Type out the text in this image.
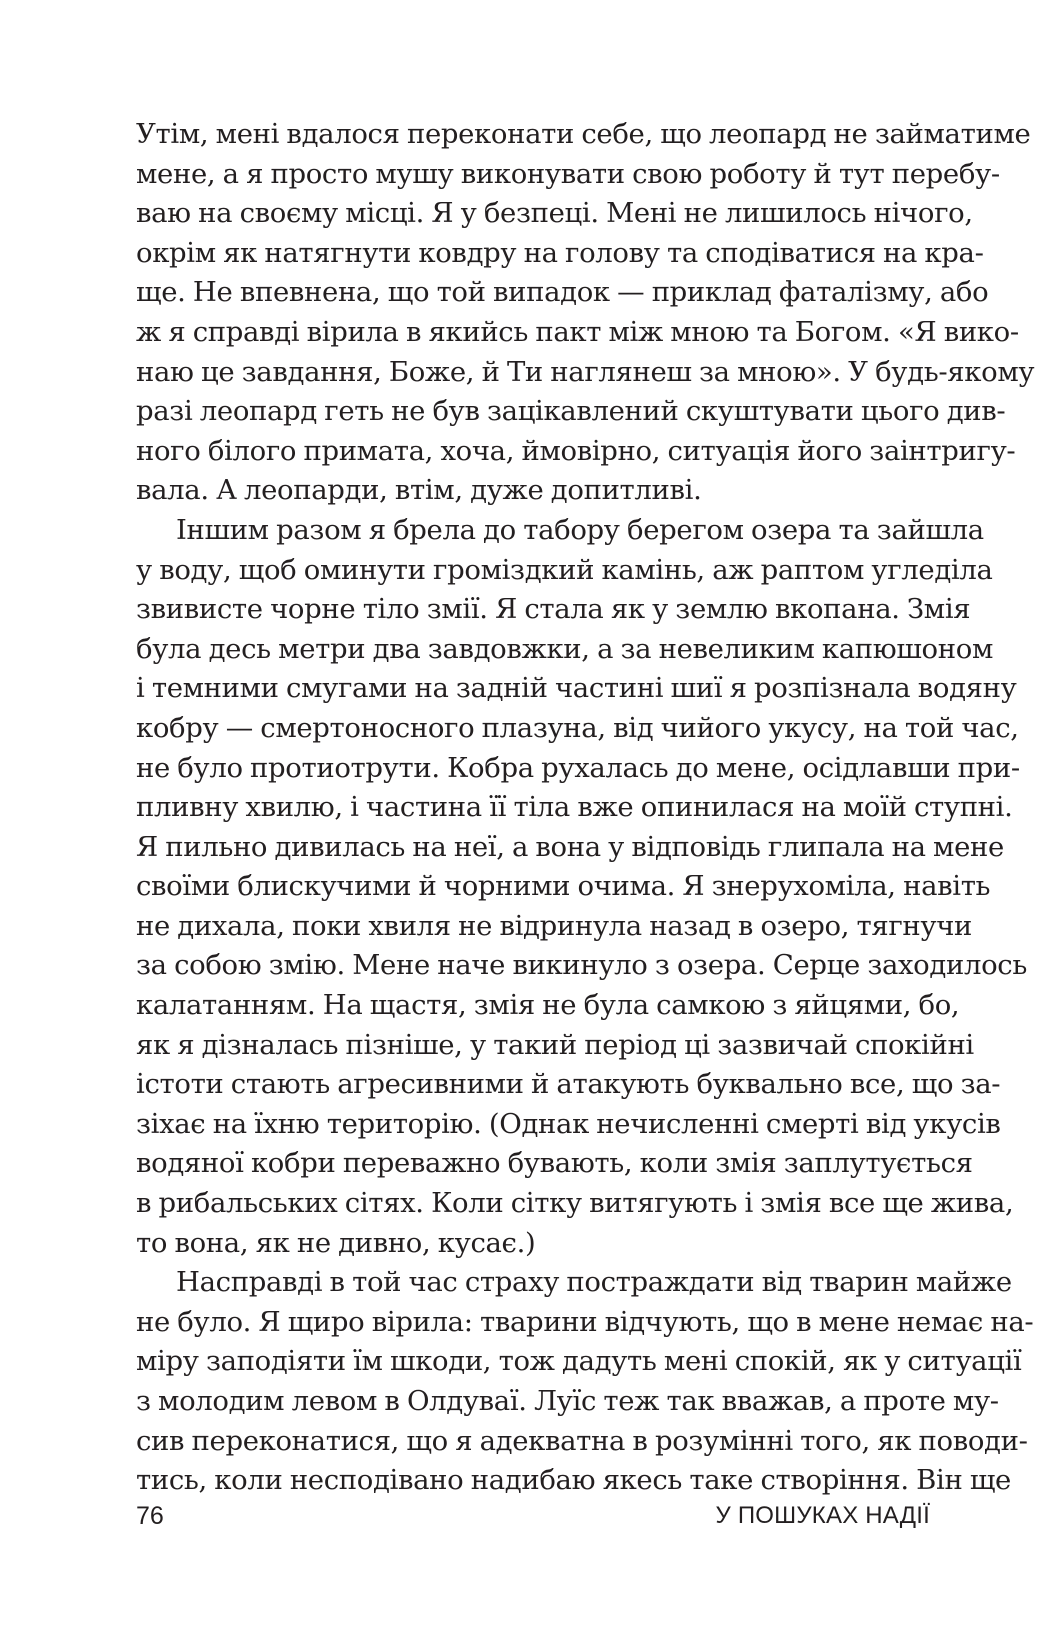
Утім, мені вдалося переконати себе, що леопард не займатиме
мене, а я просто мушу виконувати свою роботу й тут перебу-
ваю на своєму місці. Я у безпеці. Мені не лишилось нічого,
окрім як натягнути ковдру на голову та сподіватися на кра-
ще. Не впевнена, що той випадок — приклад фаталізму, або
ж я справді вірила в якийсь пакт між мною та Богом. «Я вико-
наю це завдання, Боже, й Ти наглянеш за мною». У будь-якому
разі леопард геть не був зацікавлений скуштувати цього див-
ного білого примата, хоча, ймовірно, ситуація його заінтригу-
вала. А леопарди, втім, дуже допитливі.
Іншим разом я брела до табору берегом озера та зайшла
у воду, щоб оминути громіздкий камінь, аж раптом угледіла
звивисте чорне тіло змії. Я стала як у землю вкопана. Змія
була десь метри два завдовжки, а за невеликим капюшоном
і темними смугами на задній частині шиї я розпізнала водяну
кобру — смертоносного плазуна, від чийого укусу, на той час,
не було протиотрути. Кобра рухалась до мене, осідлавши при-
пливну хвилю, і частина її тіла вже опинилася на моїй ступні.
Я пильно дивилась на неї, а вона у відповідь глипала на мене
своїми блискучими й чорними очима. Я знерухоміла, навіть
не дихала, поки хвиля не відринула назад в озеро, тягнучи
за собою змію. Мене наче викинуло з озера. Серце заходилось
калатанням. На щастя, змія не була самкою з яйцями, бо,
як я дізналась пізніше, у такий період ці зазвичай спокійні
істоти стають агресивними й атакують буквально все, що за-
зіхає на їхню територію. (Однак нечисленні смерті від укусів
водяної кобри переважно бувають, коли змія заплутується
в рибальських сітях. Коли сітку витягують і змія все ще жива,
то вона, як не дивно, кусає.)
Насправді в той час страху постраждати від тварин майже
не було. Я щиро вірила: тварини відчують, що в мене немає на-
міру заподіяти їм шкоди, тож дадуть мені спокій, як у ситуації
з молодим левом в Олдуваї. Луїс теж так вважав, а проте му-
сив переконатися, що я адекватна в розумінні того, як поводи-
тись, коли несподівано надибаю якесь таке створіння. Він ще
76	У ПОШУКАХ НАДІЇ
